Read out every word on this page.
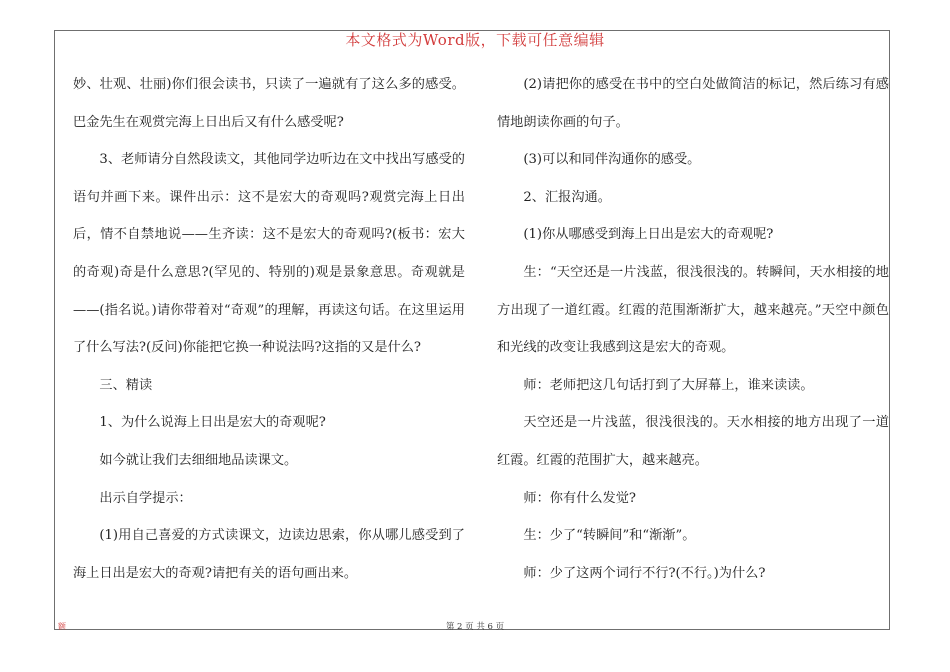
本文格式为Word版，下载可任意编辑

妙、壮观、壮丽)你们很会读书，只读了一遍就有了这么多的感受。巴金先生在观赏完海上日出后又有什么感受呢?

3、老师请分自然段读文，其他同学边听边在文中找出写感受的语句并画下来。课件出示：这不是宏大的奇观吗?观赏完海上日出后，情不自禁地说——生齐读：这不是宏大的奇观吗?(板书：宏大的奇观)奇是什么意思?(罕见的、特别的)观是景象意思。奇观就是——(指名说。)请你带着对“奇观”的理解，再读这句话。在这里运用了什么写法?(反问)你能把它换一种说法吗?这指的又是什么?

三、精读

1、为什么说海上日出是宏大的奇观呢?

如今就让我们去细细地品读课文。

出示自学提示：

(1)用自己喜爱的方式读课文，边读边思索，你从哪儿感受到了海上日出是宏大的奇观?请把有关的语句画出来。

(2)请把你的感受在书中的空白处做简洁的标记，然后练习有感情地朗读你画的句子。

(3)可以和同伴沟通你的感受。

2、汇报沟通。

(1)你从哪感受到海上日出是宏大的奇观呢?

生：“天空还是一片浅蓝，很浅很浅的。转瞬间，天水相接的地方出现了一道红霞。红霞的范围渐渐扩大，越来越亮。”天空中颜色和光线的改变让我感到这是宏大的奇观。

师：老师把这几句话打到了大屏幕上，谁来读读。

天空还是一片浅蓝，很浅很浅的。天水相接的地方出现了一道红霞。红霞的范围扩大，越来越亮。

师：你有什么发觉?

生：少了“转瞬间”和“渐渐”。

师：少了这两个词行不行?(不行。)为什么?

额	第 2 页 共 6 页
